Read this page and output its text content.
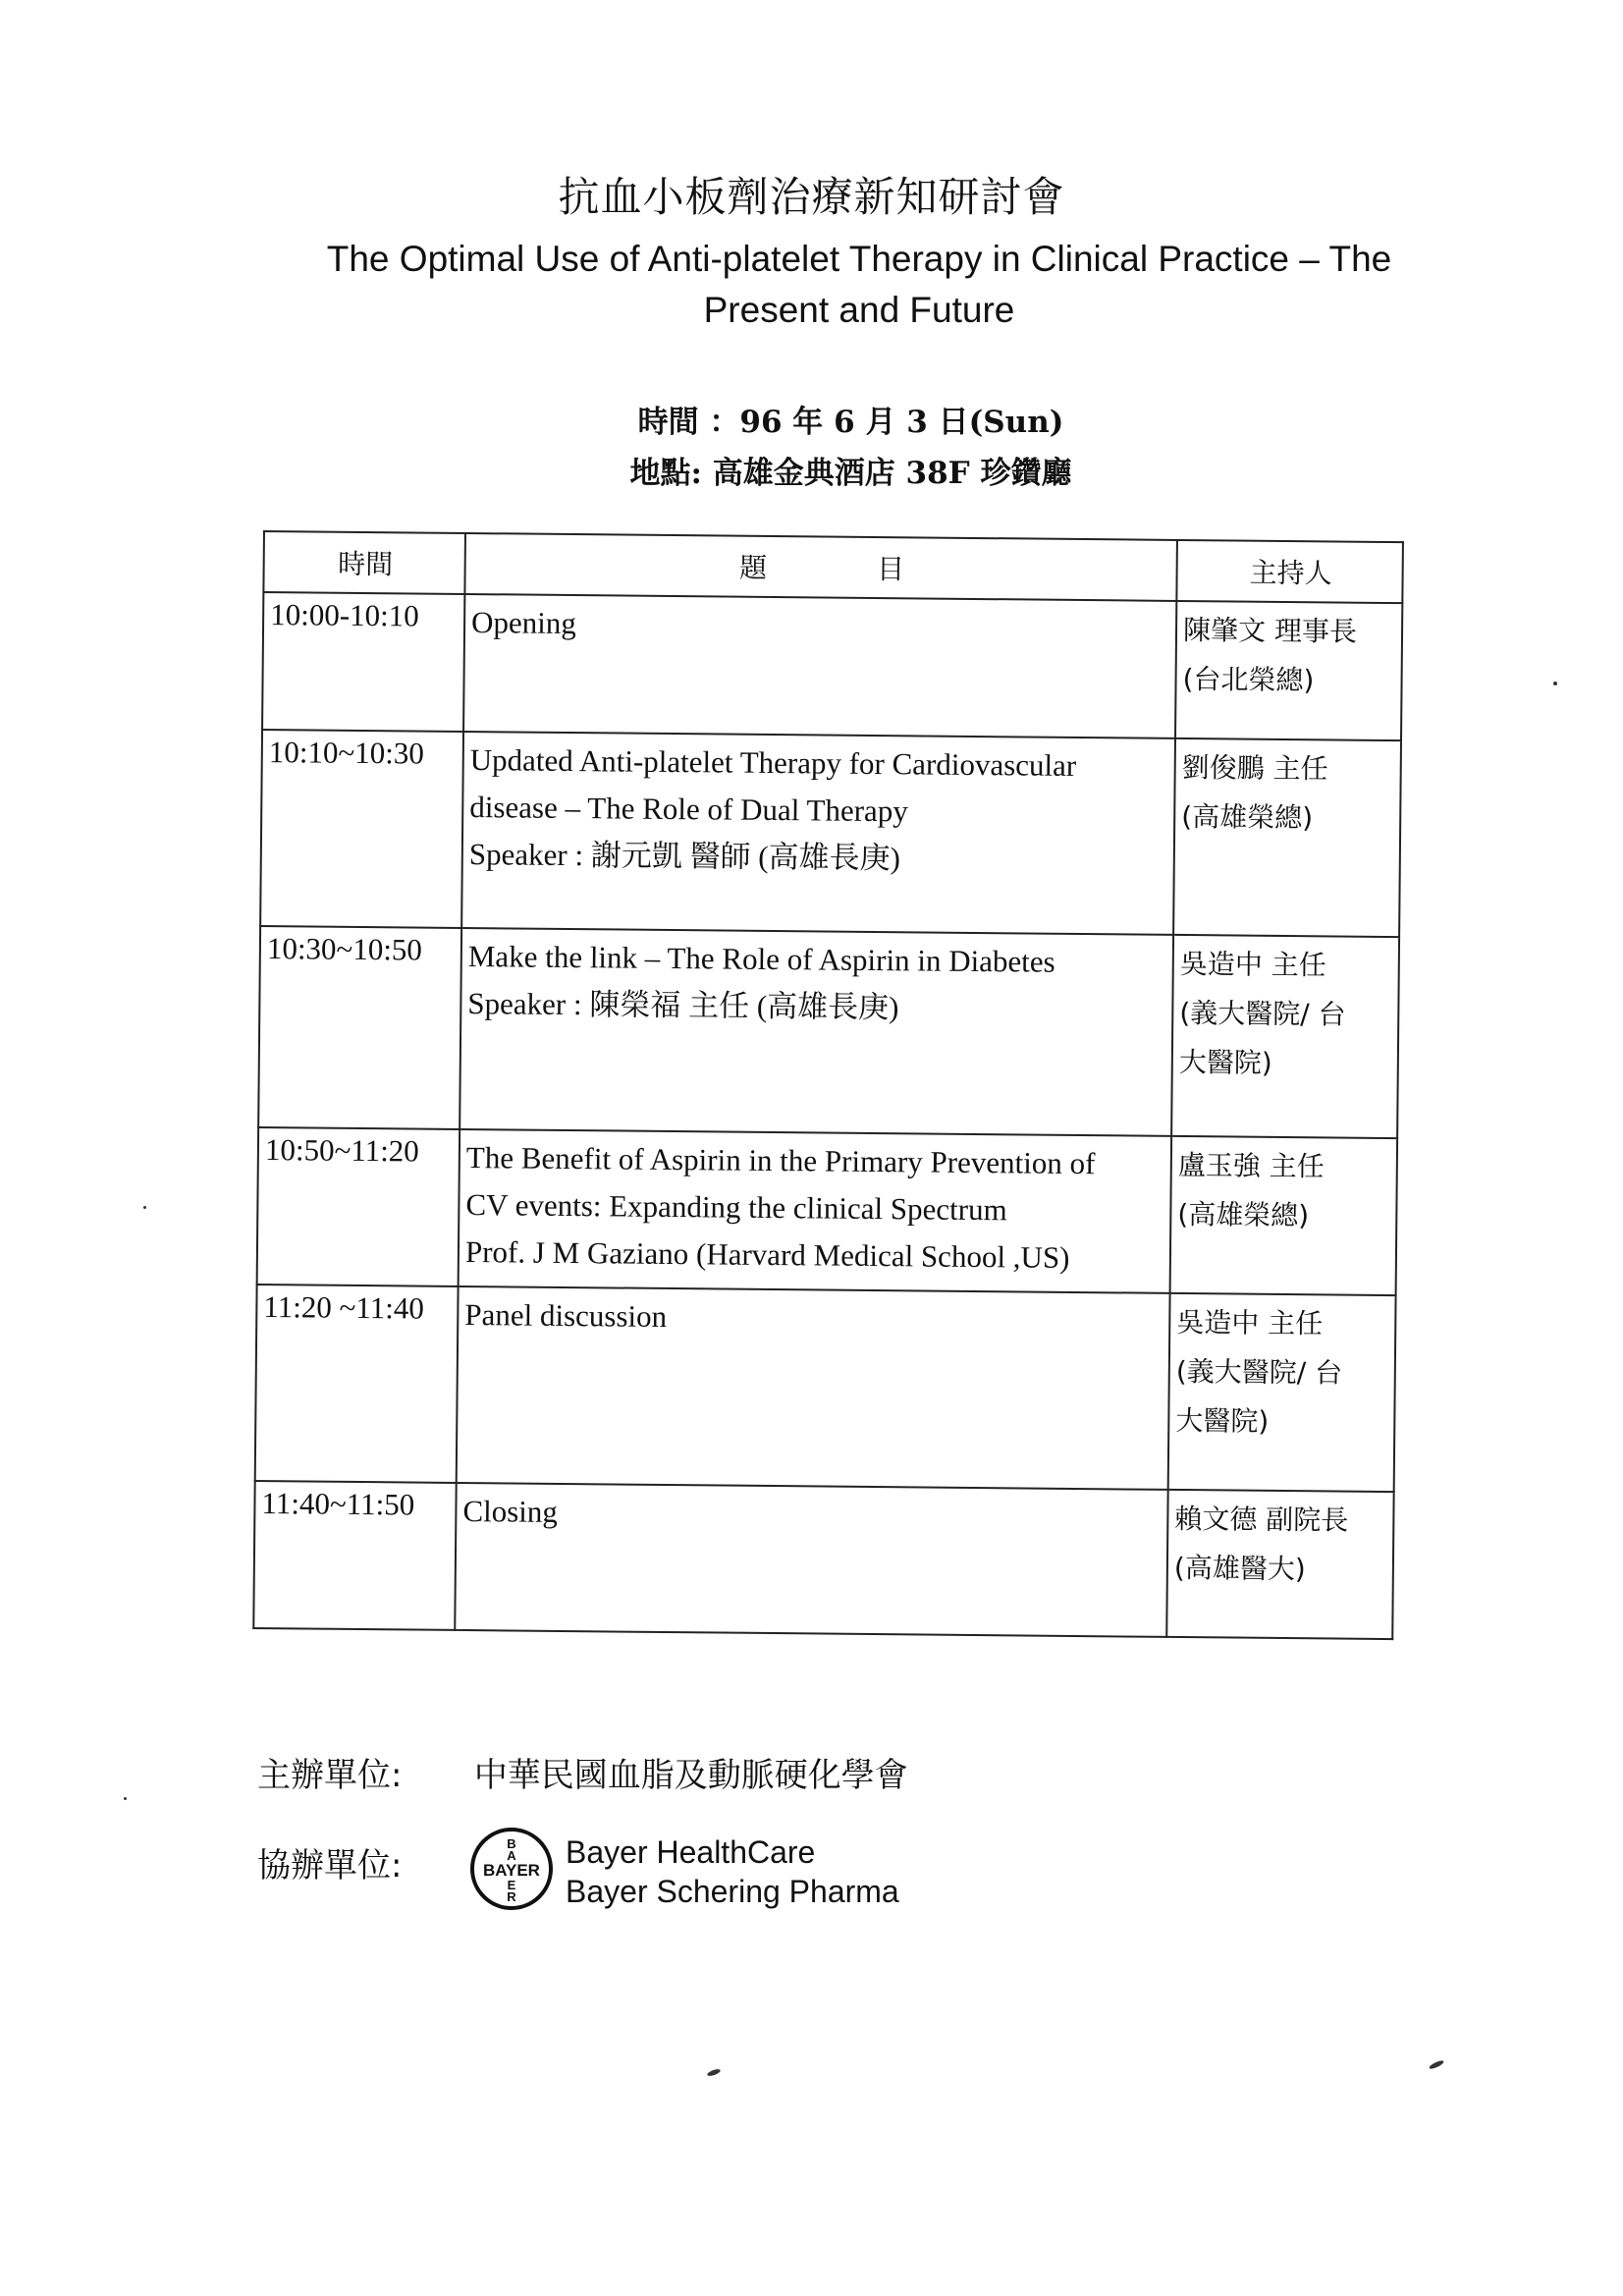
抗血小板劑治療新知研討會
The Optimal Use of Anti-platelet Therapy in Clinical Practice – The Present and Future
時間 ：96 年 6 月 3 日(Sun)
地點: 高雄金典酒店 38F 珍鑽廳
時間	題　　　　目	主持人
10:00-10:10	Opening	陳肇文 理事長
(台北榮總)

10:10~10:30	Updated Anti-platelet Therapy for Cardiovascular
disease – The Role of Dual Therapy
Speaker : 謝元凱 醫師 (高雄長庚)	劉俊鵬 主任
(高雄榮總)

10:30~10:50	Make the link – The Role of Aspirin in Diabetes
Speaker : 陳榮福 主任 (高雄長庚)	吳造中 主任
(義大醫院/ 台
大醫院)

10:50~11:20	The Benefit of Aspirin in the Primary Prevention of
CV events: Expanding the clinical Spectrum
Prof. J M Gaziano (Harvard Medical School ,US)	盧玉強 主任
(高雄榮總)

11:20 ~11:40	Panel discussion	吳造中 主任
(義大醫院/ 台
大醫院)

11:40~11:50	Closing	賴文德 副院長
(高雄醫大)
主辦單位: 中華民國血脂及動脈硬化學會
協辦單位:	BAYER
B
A
E
R
Bayer HealthCare
Bayer Schering Pharma
